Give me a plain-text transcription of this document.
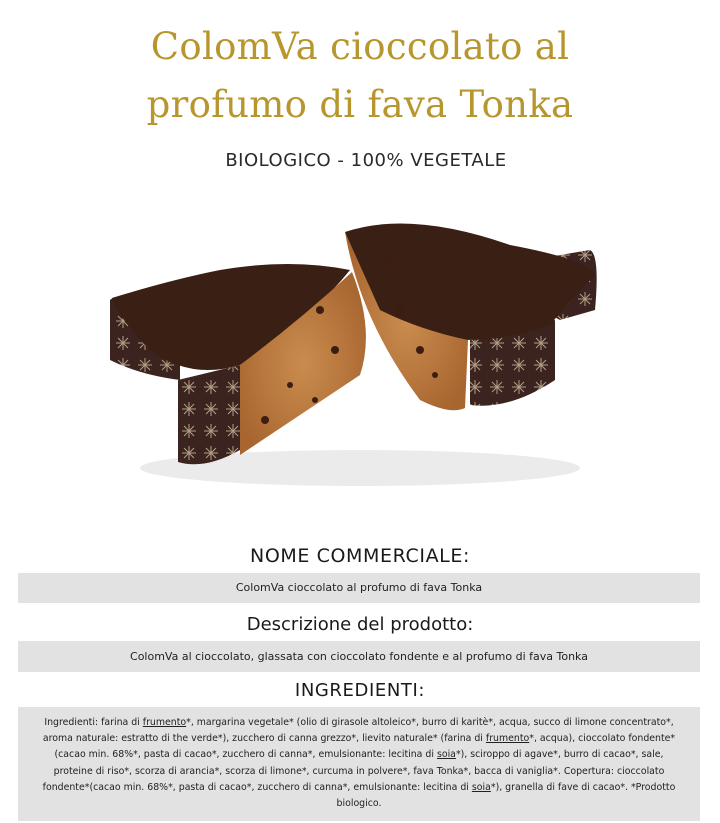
ColomVa cioccolato al
profumo di fava Tonka
BIOLOGICO - 100% VEGETALE
NOME COMMERCIALE:
ColomVa cioccolato al profumo di fava Tonka
Descrizione del prodotto:
ColomVa al cioccolato, glassata con cioccolato fondente e al profumo di fava Tonka
INGREDIENTI:
Ingredienti: farina di frumento*, margarina vegetale* (olio di girasole altoleico*, burro di karitè*, acqua, succo di limone concentrato*, aroma naturale: estratto di the verde*), zucchero di canna grezzo*, lievito naturale* (farina di frumento*, acqua), cioccolato fondente*(cacao min. 68%*, pasta di cacao*, zucchero di canna*, emulsionante: lecitina di soia*), sciroppo di agave*, burro di cacao*, sale, proteine di riso*, scorza di arancia*, scorza di limone*, curcuma in polvere*, fava Tonka*, bacca di vaniglia*. Copertura: cioccolato fondente*(cacao min. 68%*, pasta di cacao*, zucchero di canna*, emulsionante: lecitina di soia*), granella di fave di cacao*. *Prodotto biologico.
